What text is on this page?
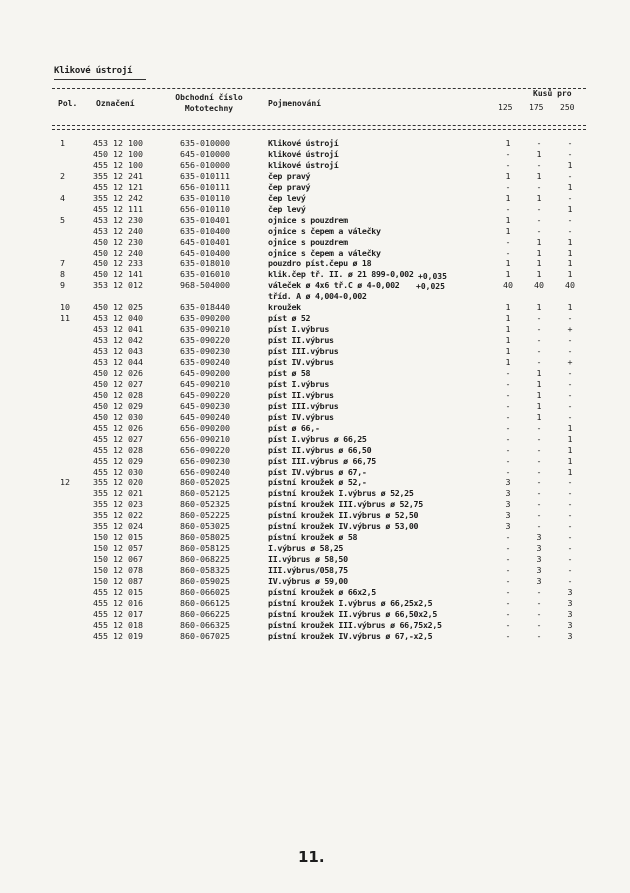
Klikové ústrojí
Pol. Označení
Obchodní číslo
Mototechny
Pojmenování
Kusů pro
125 175 250
1	453 12 100	635-010000	Klikové ústrojí	1	-	-
450 12 100	645-010000	klikové ústrojí	-	1	-
455 12 100	656-010000	klikové ústrojí	-	-	1
2	355 12 241	635-010111	čep pravý	1	1	-
455 12 121	656-010111	čep pravý	-	-	1
4	355 12 242	635-010110	čep levý	1	1	-
455 12 111	656-010110	čep levý	-	-	1
5	453 12 230	635-010401	ojnice s pouzdrem	1	-	-
453 12 240	635-010400	ojnice s čepem a válečky	1	-	-
450 12 230	645-010401	ojnice s pouzdrem	-	1	1
450 12 240	645-010400	ojnice s čepem a válečky	-	1	1
7	450 12 233	635-018010	pouzdro píst.čepu ø 18	1	1	1
8	450 12 141	635-016010	klik.čep tř. II. ø 21 899-0,002	1	1	1
9	353 12 012	968-504000	váleček ø 4x6 tř.C ø 4-0,002	40	40	40
tříd. A ø 4,004-0,002
10	450 12 025	635-018440	kroužek	1	1	1
11	453 12 040	635-090200	píst ø 52	1	-	-
453 12 041	635-090210	píst I.výbrus	1	-	+
453 12 042	635-090220	píst II.výbrus	1	-	-
453 12 043	635-090230	píst III.výbrus	1	-	-
453 12 044	635-090240	píst IV.výbrus	1	-	+
450 12 026	645-090200	píst ø 58	-	1	-
450 12 027	645-090210	píst I.výbrus	-	1	-
450 12 028	645-090220	píst II.výbrus	-	1	-
450 12 029	645-090230	píst III.výbrus	-	1	-
450 12 030	645-090240	píst IV.výbrus	-	1	-
455 12 026	656-090200	píst ø 66,-	-	-	1
455 12 027	656-090210	píst I.výbrus ø 66,25	-	-	1
455 12 028	656-090220	píst II.výbrus ø 66,50	-	-	1
455 12 029	656-090230	píst III.výbrus ø 66,75	-	-	1
455 12 030	656-090240	píst IV.výbrus ø 67,-	-	-	1
12	355 12 020	860-052025	pístní kroužek ø 52,-	3	-	-
355 12 021	860-052125	pístní kroužek I.výbrus ø 52,25	3	-	-
355 12 023	860-052325	pístní kroužek III.výbrus ø 52,75	3	-	-
355 12 022	860-052225	pístní kroužek II.výbrus ø 52,50	3	-	-
355 12 024	860-053025	pístní kroužek IV.výbrus ø 53,00	3	-	-
150 12 015	860-058025	pístní kroužek ø 58	-	3	-
150 12 057	860-058125	I.výbrus ø 58,25	-	3	-
150 12 067	860-068225	II.výbrus ø 58,50	-	3	-
150 12 078	860-058325	III.výbrus/058,75	-	3	-
150 12 087	860-059025	IV.výbrus ø 59,00	-	3	-
455 12 015	860-066025	pístní kroužek ø 66x2,5	-	-	3
455 12 016	860-066125	pístní kroužek I.výbrus ø 66,25x2,5	-	-	3
455 12 017	860-066225	pístní kroužek II.výbrus ø 66,50x2,5	-	-	3
455 12 018	860-066325	pístní kroužek III.výbrus ø 66,75x2,5	-	-	3
455 12 019	860-067025	pístní kroužek IV.výbrus ø 67,-x2,5	-	-	3
+0,035
+0,025
11.
